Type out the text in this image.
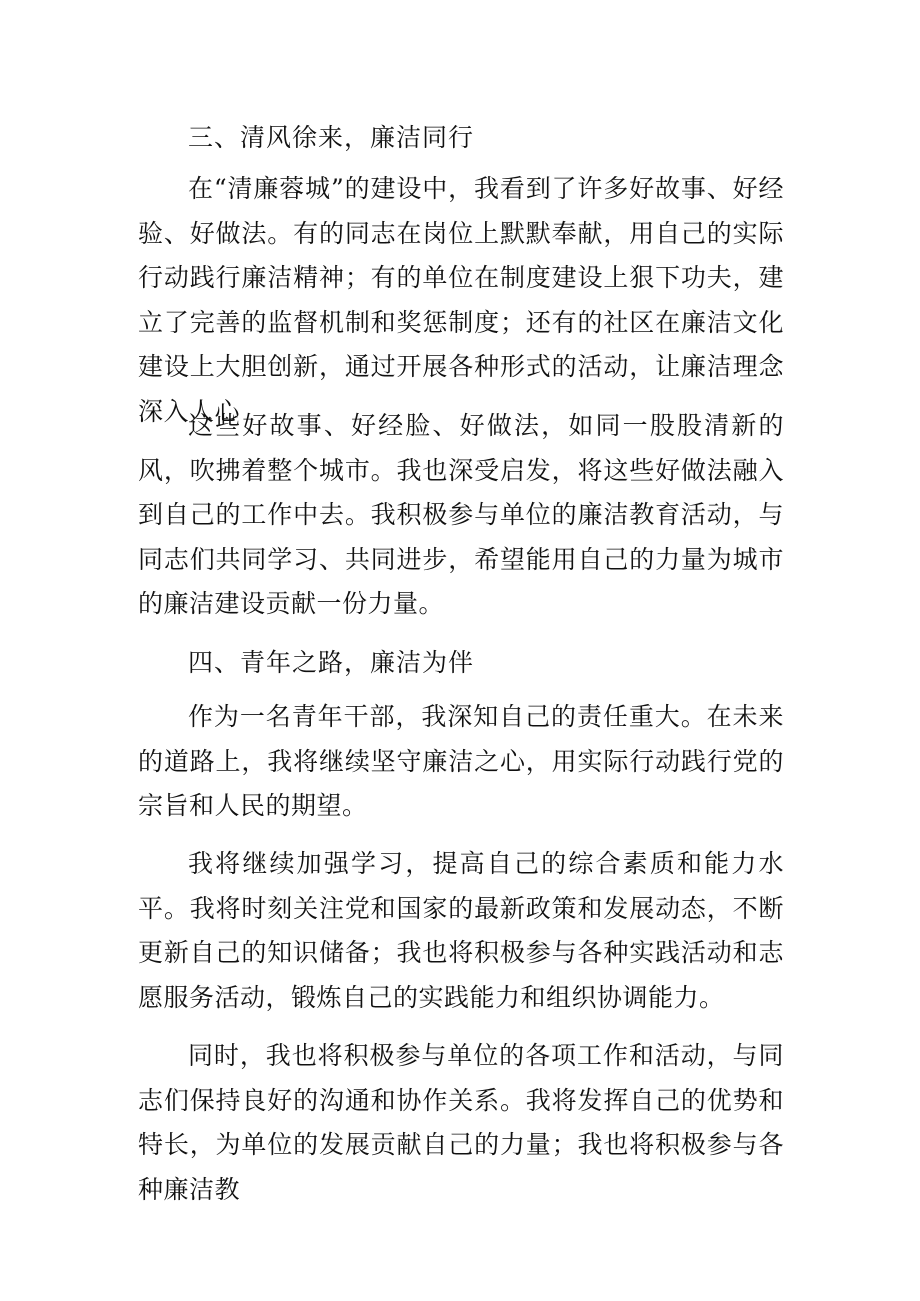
三、清风徐来，廉洁同行

在“清廉蓉城”的建设中，我看到了许多好故事、好经验、好做法。有的同志在岗位上默默奉献，用自己的实际行动践行廉洁精神；有的单位在制度建设上狠下功夫，建立了完善的监督机制和奖惩制度；还有的社区在廉洁文化建设上大胆创新，通过开展各种形式的活动，让廉洁理念深入人心

这些好故事、好经脸、好做法，如同一股股清新的风，吹拂着整个城市。我也深受启发，将这些好做法融入到自己的工作中去。我积极参与单位的廉洁教育活动，与同志们共同学习、共同进步，希望能用自己的力量为城市的廉洁建设贡献一份力量。

四、青年之路，廉洁为伴

作为一名青年干部，我深知自己的责任重大。在未来的道路上，我将继续坚守廉洁之心，用实际行动践行党的宗旨和人民的期望。

我将继续加强学习，提高自己的综合素质和能力水平。我将时刻关注党和国家的最新政策和发展动态，不断更新自己的知识储备；我也将积极参与各种实践活动和志愿服务活动，锻炼自己的实践能力和组织协调能力。

同时，我也将积极参与单位的各项工作和活动，与同志们保持良好的沟通和协作关系。我将发挥自己的优势和特长，为单位的发展贡献自己的力量；我也将积极参与各种廉洁教
